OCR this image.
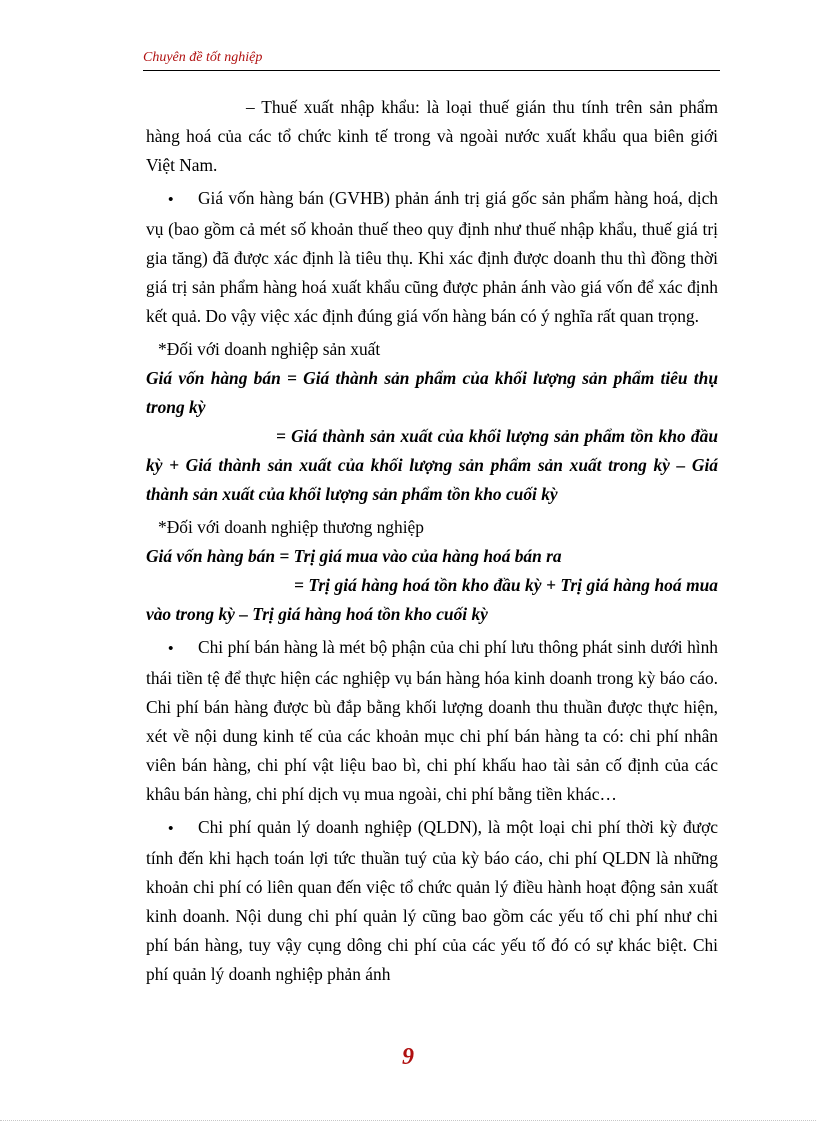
Chuyên đề tốt nghiệp

– Thuế xuất nhập khẩu: là loại thuế gián thu tính trên sản phẩm hàng hoá của các tổ chức kinh tế trong và ngoài nước xuất khẩu qua biên giới Việt Nam.

• Giá vốn hàng bán (GVHB) phản ánh trị giá gốc sản phẩm hàng hoá, dịch vụ (bao gồm cả mét số khoản thuế theo quy định như thuế nhập khẩu, thuế giá trị gia tăng) đã được xác định là tiêu thụ. Khi xác định được doanh thu thì đồng thời giá trị sản phẩm hàng hoá xuất khẩu cũng được phản ánh vào giá vốn để xác định kết quả. Do vậy việc xác định đúng giá vốn hàng bán có ý nghĩa rất quan trọng.

*Đối với doanh nghiệp sản xuất

Giá vốn hàng bán = Giá thành sản phẩm của khối lượng sản phẩm tiêu thụ trong kỳ

= Giá thành sản xuất của khối lượng sản phẩm tồn kho đầu kỳ + Giá thành sản xuất của khối lượng sản phẩm sản xuất trong kỳ – Giá thành sản xuất của khối lượng sản phẩm tồn kho cuối kỳ

*Đối với doanh nghiệp thương nghiệp

Giá vốn hàng bán = Trị giá mua vào của hàng hoá bán ra

= Trị giá hàng hoá tồn kho đầu kỳ + Trị giá hàng hoá mua vào trong kỳ – Trị giá hàng hoá tồn kho cuối kỳ

• Chi phí bán hàng là mét bộ phận của chi phí lưu thông phát sinh dưới hình thái tiền tệ để thực hiện các nghiệp vụ bán hàng hóa kinh doanh trong kỳ báo cáo. Chi phí bán hàng được bù đắp bằng khối lượng doanh thu thuần được thực hiện, xét về nội dung kinh tế của các khoản mục chi phí bán hàng ta có: chi phí nhân viên bán hàng, chi phí vật liệu bao bì, chi phí khấu hao tài sản cố định của các khâu bán hàng, chi phí dịch vụ mua ngoài, chi phí bằng tiền khác…

• Chi phí quản lý doanh nghiệp (QLDN), là một loại chi phí thời kỳ được tính đến khi hạch toán lợi tức thuần tuý của kỳ báo cáo, chi phí QLDN là những khoản chi phí có liên quan đến việc tổ chức quản lý điều hành hoạt động sản xuất kinh doanh. Nội dung chi phí quản lý cũng bao gồm các yếu tố chi phí như chi phí bán hàng, tuy vậy cụng dông chi phí của các yếu tố đó có sự khác biệt. Chi phí quản lý doanh nghiệp phản ánh

9
